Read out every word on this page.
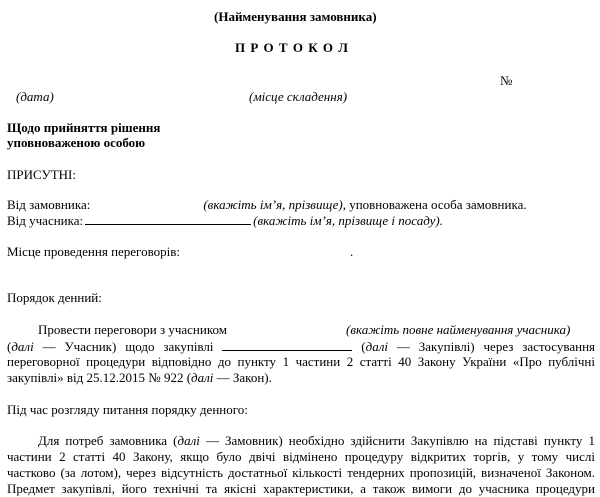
(Найменування замовника)
П Р О Т О К О Л
№
(дата)	(місце складення)
Щодо прийняття рішення
уповноваженою особою
ПРИСУТНІ:
Від замовника:	(вкажіть ім’я, прізвище), уповноважена особа замовника.
Від учасника:	(вкажіть ім’я, прізвище і посаду).
Місце проведення переговорів:	.
Порядок денний:
Провести переговори з учасником	(вкажіть повне найменування учасника)
(далі — Учасник) щодо закупівлі	(далі — Закупівлі) через застосування
переговорної процедури відповідно до пункту 1 частини 2 статті 40 Закону України «Про публічні
закупівлі» від 25.12.2015 № 922 (далі — Закон).
Під час розгляду питання порядку денного:
Для потреб замовника (далі — Замовник) необхідно здійснити Закупівлю на підставі пункту 1
частини 2 статті 40 Закону, якщо було двічі відмінено процедуру відкритих торгів, у тому числі
частково (за лотом), через відсутність достатньої кількості тендерних пропозицій, визначеної Законом.
Предмет закупівлі, його технічні та якісні характеристики, а також вимоги до учасника процедури
